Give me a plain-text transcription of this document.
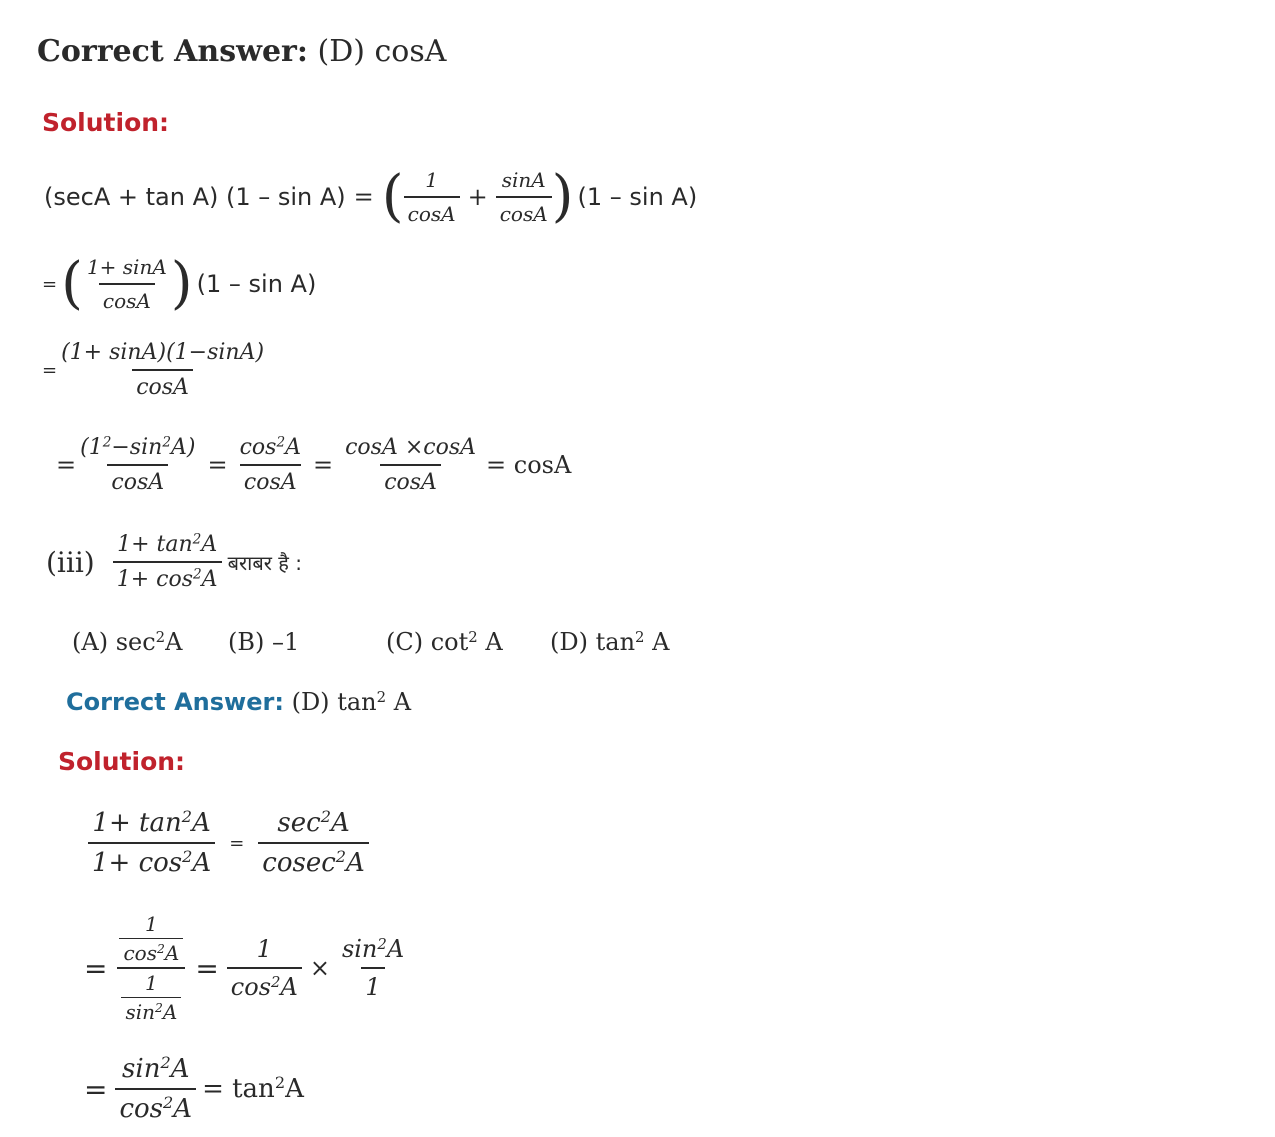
Correct Answer: (D) cosA
Solution:
(secA + tan A) (1 – sin A) = ( $\frac{1}{\cos A} + \frac{\sin A}{\cos A}$ ) (1 – sin A)
= ( $\frac{1+ \sin A}{\cos A}$ ) (1 – sin A)
= $\frac{(1+ \sin A)(1-\sin A)}{\cos A}$
= $\frac{(1^2-\sin^2A)}{\cos A} = \frac{\cos^2A}{\cos A} = \frac{\cos A \times\cos A}{\cos A} = \cos A$
$(iii) \frac{1+ \tan^2A}{1+ \cos^2A}$ बराबर है :
(A) $\sec^2A$ (B) –1	(C) $\cot^2 A$ (D) $\tan^2 A$
Correct Answer: (D) $\tan^2 A$
Solution:
$\frac{1+ \tan^2A}{1+ \cos^2A} = \frac{\sec^2A}{cosec^2A}$
= $\frac{\frac{1}{\cos^2A}}{\frac{1}{\sin^2A}} = \frac{1}{\cos^2A} \times \frac{\sin^2A}{1}$
= $\frac{\sin^2A}{\cos^2A} = \tan^2A$
